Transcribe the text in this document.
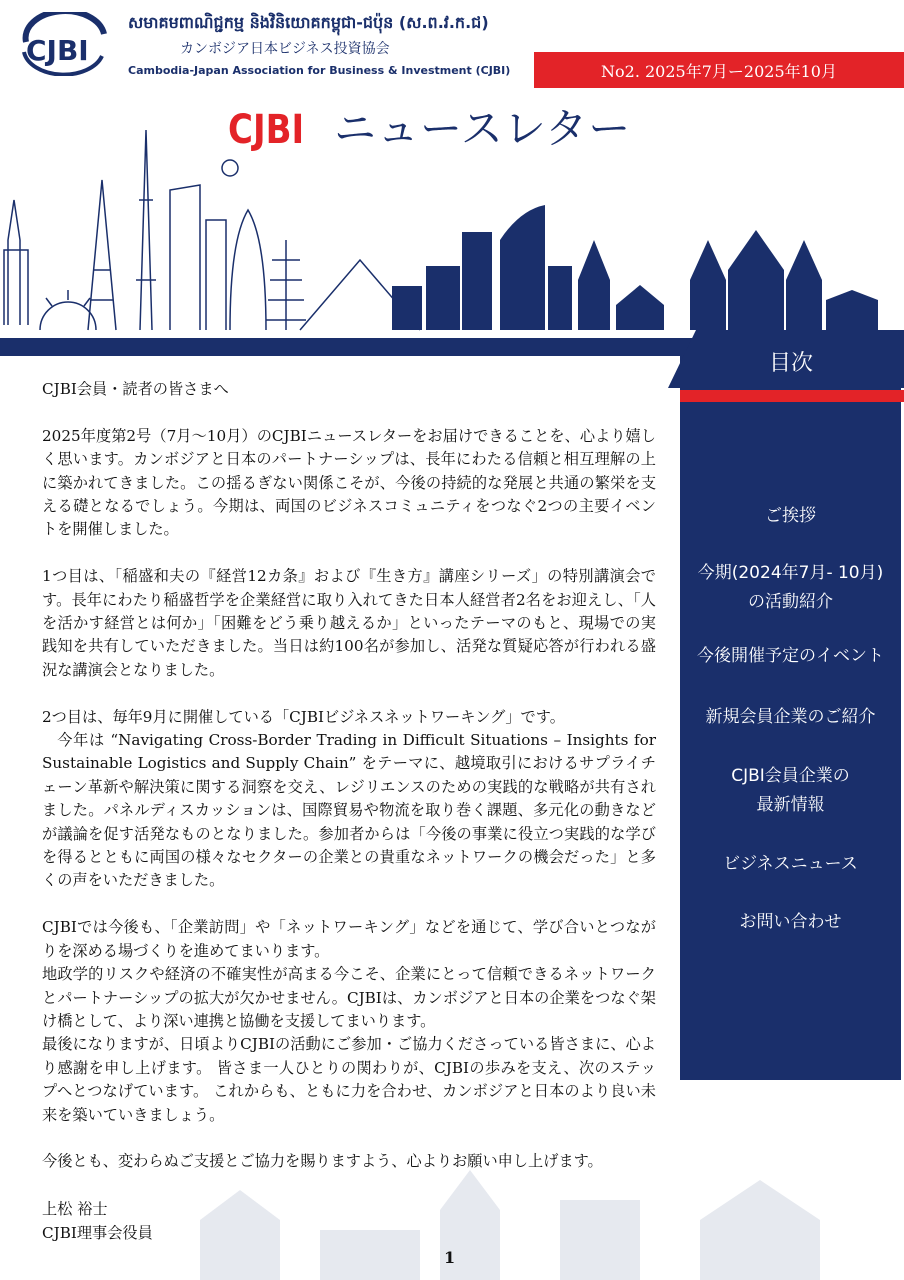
CJBI
សមាគមពាណិជ្ជកម្ម និងវិនិយោគកម្ពុជា-ជប៉ុន (ស.ព.វ.ក.ជ)
カンボジア日本ビジネス投資協会
Cambodia-Japan Association for Business & Investment (CJBI)	No2. 2025年7月ー2025年10月
CJBI ニュースレター
目次
ご挨拶
今期(2024年7月- 10月)
の活動紹介
今後開催予定のイベント
新規会員企業のご紹介
CJBI会員企業の
最新情報
ビジネスニュース
お問い合わせ

CJBI会員・読者の皆さまへ

2025年度第2号（7月〜10月）のCJBIニュースレターをお届けできることを、心より嬉しく思います。カンボジアと日本のパートナーシップは、長年にわたる信頼と相互理解の上に築かれてきました。この揺るぎない関係こそが、今後の持続的な発展と共通の繁栄を支える礎となるでしょう。今期は、両国のビジネスコミュニティをつなぐ2つの主要イベントを開催しました。

1つ目は、「稲盛和夫の『経営12カ条』および『生き方』講座シリーズ」の特別講演会です。長年にわたり稲盛哲学を企業経営に取り入れてきた日本人経営者2名をお迎えし、「人を活かす経営とは何か」「困難をどう乗り越えるか」といったテーマのもと、現場での実践知を共有していただきました。当日は約100名が参加し、活発な質疑応答が行われる盛況な講演会となりました。

2つ目は、毎年9月に開催している「CJBIビジネスネットワーキング」です。

今年は “Navigating Cross-Border Trading in Difficult Situations – Insights for Sustainable Logistics and Supply Chain” をテーマに、越境取引におけるサプライチェーン革新や解決策に関する洞察を交え、レジリエンスのための実践的な戦略が共有されました。パネルディスカッションは、国際貿易や物流を取り巻く課題、多元化の動きなどが議論を促す活発なものとなりました。参加者からは「今後の事業に役立つ実践的な学びを得るとともに両国の様々なセクターの企業との貴重なネットワークの機会だった」と多くの声をいただきました。

CJBIでは今後も、「企業訪問」や「ネットワーキング」などを通じて、学び合いとつながりを深める場づくりを進めてまいります。

地政学的リスクや経済の不確実性が高まる今こそ、企業にとって信頼できるネットワークとパートナーシップの拡大が欠かせません。CJBIは、カンボジアと日本の企業をつなぐ架け橋として、より深い連携と協働を支援してまいります。

最後になりますが、日頃よりCJBIの活動にご参加・ご協力くださっている皆さまに、心より感謝を申し上げます。 皆さま一人ひとりの関わりが、CJBIの歩みを支え、次のステップへとつなげています。 これからも、ともに力を合わせ、カンボジアと日本のより良い未来を築いていきましょう。

今後とも、変わらぬご支援とご協力を賜りますよう、心よりお願い申し上げます。

上松 裕士
CJBI理事会役員
1
